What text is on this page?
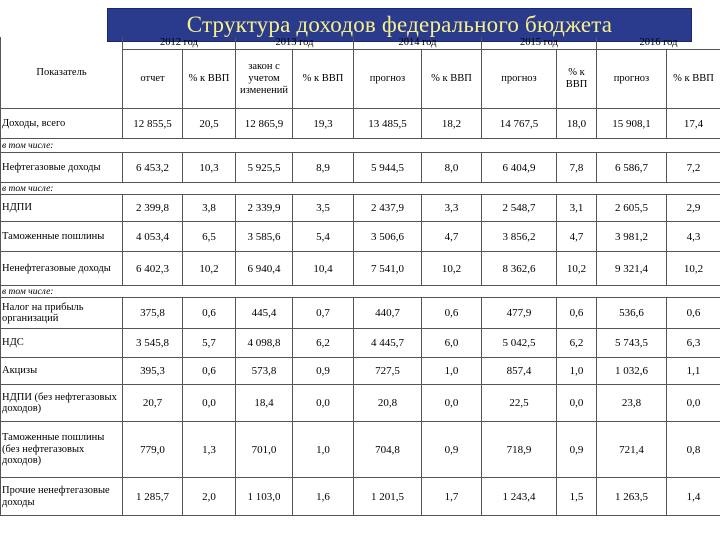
Структура доходов федерального бюджета
Показатель	2012 год		2013 год		2014 год		2015 год		2016 год	
	отчет	% к ВВП	закон с учетом изменений	% к ВВП	прогноз	% к ВВП	прогноз	% к ВВП	прогноз	% к ВВП
Доходы, всего	12 855,5	20,5	12 865,9	19,3	13 485,5	18,2	14 767,5	18,0	15 908,1	17,4
в том числе:										
Нефтегазовые доходы	6 453,2	10,3	5 925,5	8,9	5 944,5	8,0	6 404,9	7,8	6 586,7	7,2
в том числе:										
НДПИ	2 399,8	3,8	2 339,9	3,5	2 437,9	3,3	2 548,7	3,1	2 605,5	2,9
Таможенные пошлины	4 053,4	6,5	3 585,6	5,4	3 506,6	4,7	3 856,2	4,7	3 981,2	4,3
Ненефтегазовые доходы	6 402,3	10,2	6 940,4	10,4	7 541,0	10,2	8 362,6	10,2	9 321,4	10,2
в том числе:										
Налог на прибыль организаций	375,8	0,6	445,4	0,7	440,7	0,6	477,9	0,6	536,6	0,6
НДС	3 545,8	5,7	4 098,8	6,2	4 445,7	6,0	5 042,5	6,2	5 743,5	6,3
Акцизы	395,3	0,6	573,8	0,9	727,5	1,0	857,4	1,0	1 032,6	1,1
НДПИ (без нефтегазовых доходов)	20,7	0,0	18,4	0,0	20,8	0,0	22,5	0,0	23,8	0,0
Таможенные пошлины (без нефтегазовых доходов)	779,0	1,3	701,0	1,0	704,8	0,9	718,9	0,9	721,4	0,8
Прочие ненефтегазовые доходы	1 285,7	2,0	1 103,0	1,6	1 201,5	1,7	1 243,4	1,5	1 263,5	1,4
